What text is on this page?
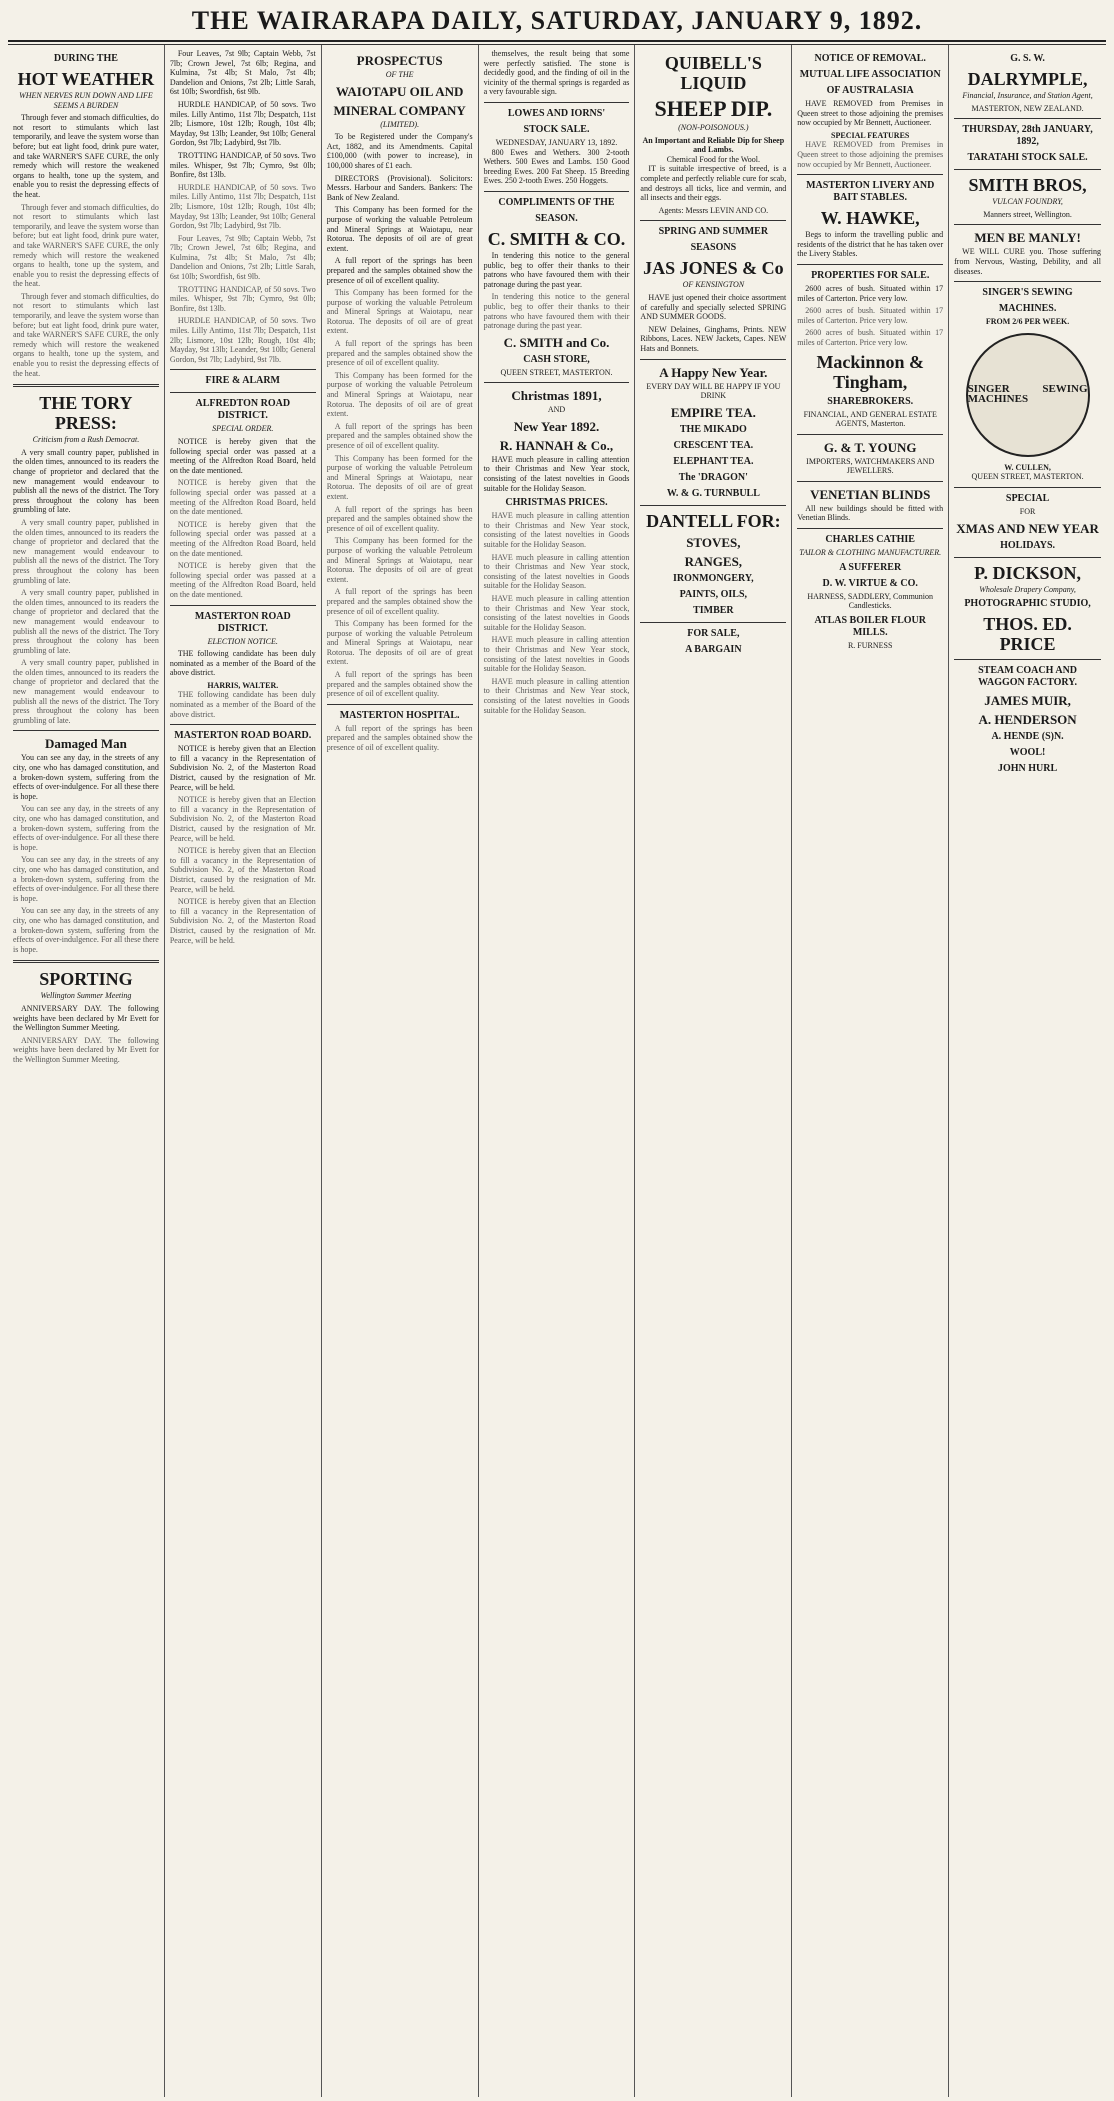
THE WAIRARAPA DAILY, SATURDAY, JANUARY 9, 1892.
DURING THE
HOT WEATHER
WHEN NERVES RUN DOWN AND LIFE SEEMS A BURDEN

Through fever and stomach difficulties, do not resort to stimulants which last temporarily, and leave the system worse than before; but eat light food, drink pure water, and take WARNER'S SAFE CURE, the only remedy which will restore the weakened organs to health, tone up the system, and enable you to resist the depressing effects of the heat.

Through fever and stomach difficulties, do not resort to stimulants which last temporarily, and leave the system worse than before; but eat light food, drink pure water, and take WARNER'S SAFE CURE, the only remedy which will restore the weakened organs to health, tone up the system, and enable you to resist the depressing effects of the heat.

Through fever and stomach difficulties, do not resort to stimulants which last temporarily, and leave the system worse than before; but eat light food, drink pure water, and take WARNER'S SAFE CURE, the only remedy which will restore the weakened organs to health, tone up the system, and enable you to resist the depressing effects of the heat.

THE TORY PRESS:
Criticism from a Rush Democrat.

A very small country paper, published in the olden times, announced to its readers the change of proprietor and declared that the new management would endeavour to publish all the news of the district. The Tory press throughout the colony has been grumbling of late.

A very small country paper, published in the olden times, announced to its readers the change of proprietor and declared that the new management would endeavour to publish all the news of the district. The Tory press throughout the colony has been grumbling of late.

A very small country paper, published in the olden times, announced to its readers the change of proprietor and declared that the new management would endeavour to publish all the news of the district. The Tory press throughout the colony has been grumbling of late.

A very small country paper, published in the olden times, announced to its readers the change of proprietor and declared that the new management would endeavour to publish all the news of the district. The Tory press throughout the colony has been grumbling of late.

Damaged Man

You can see any day, in the streets of any city, one who has damaged constitution, and a broken-down system, suffering from the effects of over-indulgence. For all these there is hope.

You can see any day, in the streets of any city, one who has damaged constitution, and a broken-down system, suffering from the effects of over-indulgence. For all these there is hope.

You can see any day, in the streets of any city, one who has damaged constitution, and a broken-down system, suffering from the effects of over-indulgence. For all these there is hope.

You can see any day, in the streets of any city, one who has damaged constitution, and a broken-down system, suffering from the effects of over-indulgence. For all these there is hope.

SPORTING
Wellington Summer Meeting

ANNIVERSARY DAY. The following weights have been declared by Mr Evett for the Wellington Summer Meeting.

ANNIVERSARY DAY. The following weights have been declared by Mr Evett for the Wellington Summer Meeting.

Four Leaves, 7st 9lb; Captain Webb, 7st 7lb; Crown Jewel, 7st 6lb; Regina, and Kulmina, 7st 4lb; St Malo, 7st 4lb; Dandelion and Onions, 7st 2lb; Little Sarah, 6st 10lb; Swordfish, 6st 9lb.

HURDLE HANDICAP, of 50 sovs. Two miles. Lilly Antimo, 11st 7lb; Despatch, 11st 2lb; Lismore, 10st 12lb; Rough, 10st 4lb; Mayday, 9st 13lb; Leander, 9st 10lb; General Gordon, 9st 7lb; Ladybird, 9st 7lb.

TROTTING HANDICAP, of 50 sovs. Two miles. Whisper, 9st 7lb; Cymro, 9st 0lb; Bonfire, 8st 13lb.

HURDLE HANDICAP, of 50 sovs. Two miles. Lilly Antimo, 11st 7lb; Despatch, 11st 2lb; Lismore, 10st 12lb; Rough, 10st 4lb; Mayday, 9st 13lb; Leander, 9st 10lb; General Gordon, 9st 7lb; Ladybird, 9st 7lb.

Four Leaves, 7st 9lb; Captain Webb, 7st 7lb; Crown Jewel, 7st 6lb; Regina, and Kulmina, 7st 4lb; St Malo, 7st 4lb; Dandelion and Onions, 7st 2lb; Little Sarah, 6st 10lb; Swordfish, 6st 9lb.

TROTTING HANDICAP, of 50 sovs. Two miles. Whisper, 9st 7lb; Cymro, 9st 0lb; Bonfire, 8st 13lb.

HURDLE HANDICAP, of 50 sovs. Two miles. Lilly Antimo, 11st 7lb; Despatch, 11st 2lb; Lismore, 10st 12lb; Rough, 10st 4lb; Mayday, 9st 13lb; Leander, 9st 10lb; General Gordon, 9st 7lb; Ladybird, 9st 7lb.

FIRE & ALARM
ALFREDTON ROAD DISTRICT.
SPECIAL ORDER.

NOTICE is hereby given that the following special order was passed at a meeting of the Alfredton Road Board, held on the date mentioned.

NOTICE is hereby given that the following special order was passed at a meeting of the Alfredton Road Board, held on the date mentioned.

NOTICE is hereby given that the following special order was passed at a meeting of the Alfredton Road Board, held on the date mentioned.

NOTICE is hereby given that the following special order was passed at a meeting of the Alfredton Road Board, held on the date mentioned.

MASTERTON ROAD DISTRICT.
ELECTION NOTICE.

THE following candidate has been duly nominated as a member of the Board of the above district.

HARRIS, WALTER.

THE following candidate has been duly nominated as a member of the Board of the above district.

MASTERTON ROAD BOARD.

NOTICE is hereby given that an Election to fill a vacancy in the Representation of Subdivision No. 2, of the Masterton Road District, caused by the resignation of Mr. Pearce, will be held.

NOTICE is hereby given that an Election to fill a vacancy in the Representation of Subdivision No. 2, of the Masterton Road District, caused by the resignation of Mr. Pearce, will be held.

NOTICE is hereby given that an Election to fill a vacancy in the Representation of Subdivision No. 2, of the Masterton Road District, caused by the resignation of Mr. Pearce, will be held.

NOTICE is hereby given that an Election to fill a vacancy in the Representation of Subdivision No. 2, of the Masterton Road District, caused by the resignation of Mr. Pearce, will be held.

PROSPECTUS
OF THE
WAIOTAPU OIL AND
MINERAL COMPANY
(LIMITED).

To be Registered under the Company's Act, 1882, and its Amendments. Capital £100,000 (with power to increase), in 100,000 shares of £1 each.

DIRECTORS (Provisional). Solicitors: Messrs. Harbour and Sanders. Bankers: The Bank of New Zealand.

This Company has been formed for the purpose of working the valuable Petroleum and Mineral Springs at Waiotapu, near Rotorua. The deposits of oil are of great extent.

A full report of the springs has been prepared and the samples obtained show the presence of oil of excellent quality.

This Company has been formed for the purpose of working the valuable Petroleum and Mineral Springs at Waiotapu, near Rotorua. The deposits of oil are of great extent.

A full report of the springs has been prepared and the samples obtained show the presence of oil of excellent quality.

This Company has been formed for the purpose of working the valuable Petroleum and Mineral Springs at Waiotapu, near Rotorua. The deposits of oil are of great extent.

A full report of the springs has been prepared and the samples obtained show the presence of oil of excellent quality.

This Company has been formed for the purpose of working the valuable Petroleum and Mineral Springs at Waiotapu, near Rotorua. The deposits of oil are of great extent.

A full report of the springs has been prepared and the samples obtained show the presence of oil of excellent quality.

This Company has been formed for the purpose of working the valuable Petroleum and Mineral Springs at Waiotapu, near Rotorua. The deposits of oil are of great extent.

A full report of the springs has been prepared and the samples obtained show the presence of oil of excellent quality.

This Company has been formed for the purpose of working the valuable Petroleum and Mineral Springs at Waiotapu, near Rotorua. The deposits of oil are of great extent.

A full report of the springs has been prepared and the samples obtained show the presence of oil of excellent quality.

MASTERTON HOSPITAL.

A full report of the springs has been prepared and the samples obtained show the presence of oil of excellent quality.

themselves, the result being that some were perfectly satisfied. The stone is decidedly good, and the finding of oil in the vicinity of the thermal springs is regarded as a very favourable sign.

LOWES AND IORNS'
STOCK SALE.
WEDNESDAY, JANUARY 13, 1892.

800 Ewes and Wethers. 300 2-tooth Wethers. 500 Ewes and Lambs. 150 Good breeding Ewes. 200 Fat Sheep. 15 Breeding Ewes. 250 2-tooth Ewes. 250 Hoggets.

COMPLIMENTS OF THE
SEASON.
C. SMITH & CO.

In tendering this notice to the general public, beg to offer their thanks to their patrons who have favoured them with their patronage during the past year.

In tendering this notice to the general public, beg to offer their thanks to their patrons who have favoured them with their patronage during the past year.

C. SMITH and Co.
CASH STORE,
QUEEN STREET, MASTERTON.
Christmas 1891,
AND
New Year 1892.
R. HANNAH & Co.,

HAVE much pleasure in calling attention to their Christmas and New Year stock, consisting of the latest novelties in Goods suitable for the Holiday Season.

CHRISTMAS PRICES.

HAVE much pleasure in calling attention to their Christmas and New Year stock, consisting of the latest novelties in Goods suitable for the Holiday Season.

HAVE much pleasure in calling attention to their Christmas and New Year stock, consisting of the latest novelties in Goods suitable for the Holiday Season.

HAVE much pleasure in calling attention to their Christmas and New Year stock, consisting of the latest novelties in Goods suitable for the Holiday Season.

HAVE much pleasure in calling attention to their Christmas and New Year stock, consisting of the latest novelties in Goods suitable for the Holiday Season.

HAVE much pleasure in calling attention to their Christmas and New Year stock, consisting of the latest novelties in Goods suitable for the Holiday Season.

QUIBELL'S LIQUID
SHEEP DIP.
(NON-POISONOUS.)
An Important and Reliable Dip for Sheep and Lambs.
Chemical Food for the Wool.

IT is suitable irrespective of breed, is a complete and perfectly reliable cure for scab, and destroys all ticks, lice and vermin, and all insects and their eggs.

Agents: Messrs LEVIN AND CO.
SPRING AND SUMMER
SEASONS
JAS JONES & Co
OF KENSINGTON

HAVE just opened their choice assortment of carefully and specially selected SPRING AND SUMMER GOODS.

NEW Delaines, Ginghams, Prints. NEW Ribbons, Laces. NEW Jackets, Capes. NEW Hats and Bonnets.

A Happy New Year.
EVERY DAY WILL BE HAPPY IF YOU DRINK
EMPIRE TEA.
THE MIKADO
CRESCENT TEA.
ELEPHANT TEA.
The 'DRAGON'
W. & G. TURNBULL
DANTELL FOR:
STOVES,
RANGES,
IRONMONGERY,
PAINTS, OILS,
TIMBER
FOR SALE,
A BARGAIN
NOTICE OF REMOVAL.
MUTUAL LIFE ASSOCIATION
OF AUSTRALASIA

HAVE REMOVED from Premises in Queen street to those adjoining the premises now occupied by Mr Bennett, Auctioneer.

SPECIAL FEATURES

HAVE REMOVED from Premises in Queen street to those adjoining the premises now occupied by Mr Bennett, Auctioneer.

MASTERTON LIVERY AND BAIT STABLES.
W. HAWKE,

Begs to inform the travelling public and residents of the district that he has taken over the Livery Stables.

PROPERTIES FOR SALE.

2600 acres of bush. Situated within 17 miles of Carterton. Price very low.

2600 acres of bush. Situated within 17 miles of Carterton. Price very low.

2600 acres of bush. Situated within 17 miles of Carterton. Price very low.

Mackinnon & Tingham,
SHAREBROKERS.
FINANCIAL, AND GENERAL ESTATE AGENTS, Masterton.
G. & T. YOUNG
IMPORTERS, WATCHMAKERS AND JEWELLERS.
VENETIAN BLINDS

All new buildings should be fitted with Venetian Blinds.

CHARLES CATHIE
TAILOR & CLOTHING MANUFACTURER.
A SUFFERER
D. W. VIRTUE & CO.
HARNESS, SADDLERY, Communion Candlesticks.
ATLAS BOILER FLOUR MILLS.
R. FURNESS
G. S. W.
DALRYMPLE,
Financial, Insurance, and Station Agent,
MASTERTON, NEW ZEALAND.
THURSDAY, 28th JANUARY, 1892,
TARATAHI STOCK SALE.
SMITH BROS,
VULCAN FOUNDRY,
Manners street, Wellington.
MEN BE MANLY!

WE WILL CURE you. Those suffering from Nervous, Wasting, Debility, and all diseases.

SINGER'S SEWING
MACHINES.
FROM 2/6 PER WEEK.
SINGER SEWING MACHINES
W. CULLEN,
QUEEN STREET, MASTERTON.
SPECIAL
FOR
XMAS AND NEW YEAR
HOLIDAYS.
P. DICKSON,
Wholesale Drapery Company,
PHOTOGRAPHIC STUDIO,
THOS. ED. PRICE
STEAM COACH AND WAGGON FACTORY.
JAMES MUIR,
A. HENDERSON
A. HENDE (S)N.
WOOL!
JOHN HURL
